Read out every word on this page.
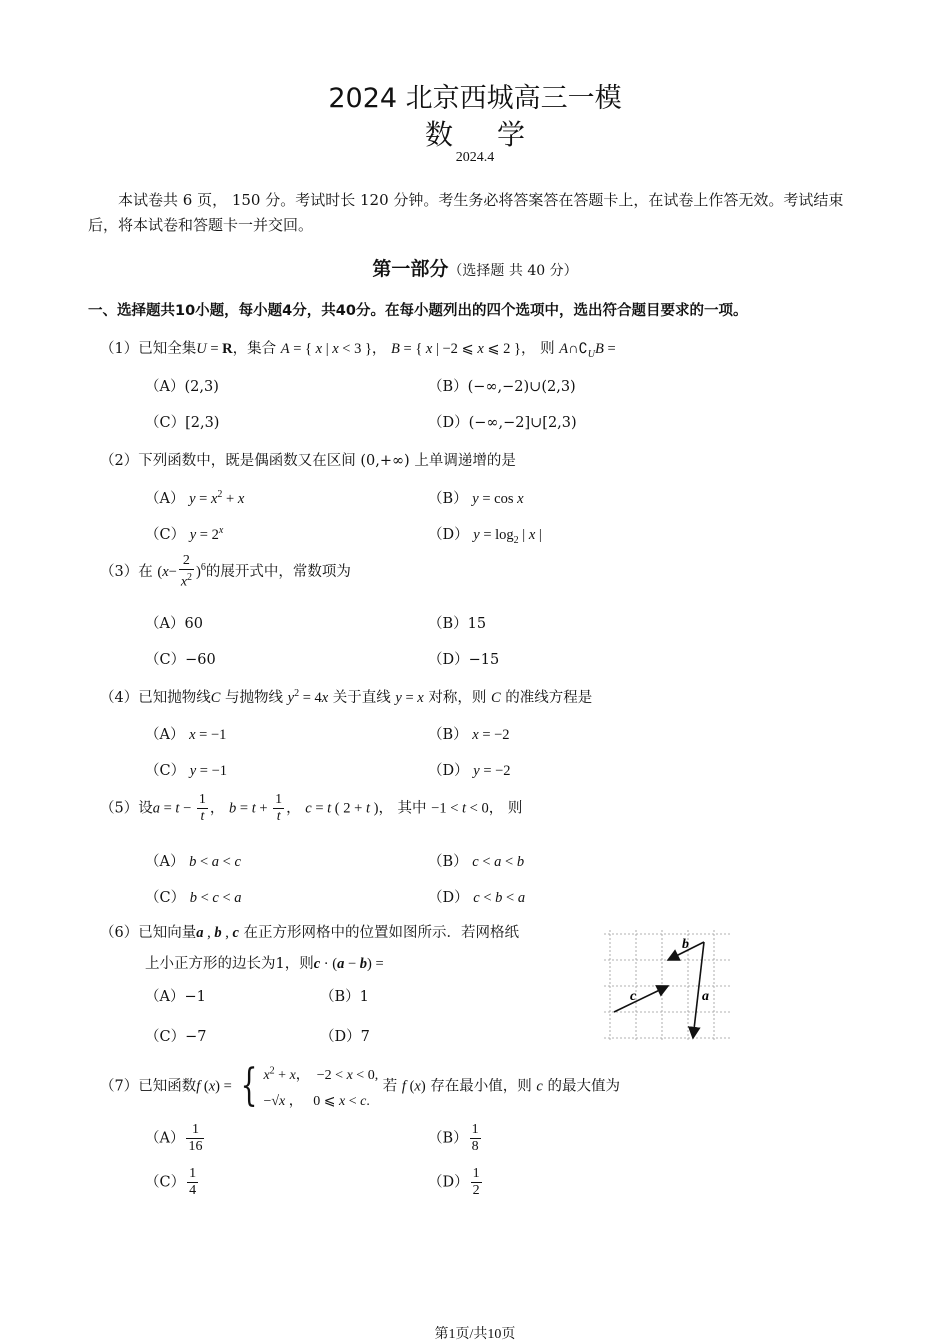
2024 北京西城高三一模
数学
2024.4
本试卷共 6 页， 150 分。考试时长 120 分钟。考生务必将答案答在答题卡上，在试卷上作答无效。考试结束后，将本试卷和答题卡一并交回。
第一部分（选择题 共 40 分）
一、选择题共10小题，每小题4分，共40分。在每小题列出的四个选项中，选出符合题目要求的一项。
（1）已知全集U = R，集合 A = { x | x < 3 }， B = { x | −2 ⩽ x ⩽ 2 }， 则 $A\cap∁_UB$ =
（A）(2,3)	（B）(−∞,−2)∪(2,3)
（C）[2,3)	（D）(−∞,−2]∪[2,3)
（2）下列函数中，既是偶函数又在区间 (0,+∞) 上单调递增的是
（A） $y = x^2 + x$	（B） y = cos x
（C） $y = 2^x$	（D） $y = \log_2$ | x |
（3）在 $(x- \frac{2}{x^2} )^6$的展开式中，常数项为
（A）60	（B）15
（C）−60	（D）−15
（4）已知抛物线C 与抛物线 $y^2 = 4x$ 关于直线 y = x 对称，则 C 的准线方程是
（A） x = −1	（B） x = −2
（C） y = −1	（D） y = −2
（5）设$a = t - \frac{1}{t}$ ， $b = t + \frac{1}{t}$ ， c = t ( 2 + t )， 其中 −1 < t < 0， 则
（A） b < a < c	（B） c < a < b
（C） b < c < a	（D） c < b < a
（6）已知向量a , b , c 在正方形网格中的位置如图所示．若网格纸
上小正方形的边长为1，则c · (a − b) =
（A）−1	（B）1
（C）−7	（D）7
b
c	a
（7）已知函数f (x) = { $x^2 + x$，  −2 < x < 0,
−√x ，   0 ⩽ x < c. 若 f (x) 存在最小值，则 c 的最大值为
$(A) \frac{1}{16}$	$(B) \frac{1}{8}$
$(C) \frac{1}{4}$	$(D) \frac{1}{2}$
第1页/共10页
